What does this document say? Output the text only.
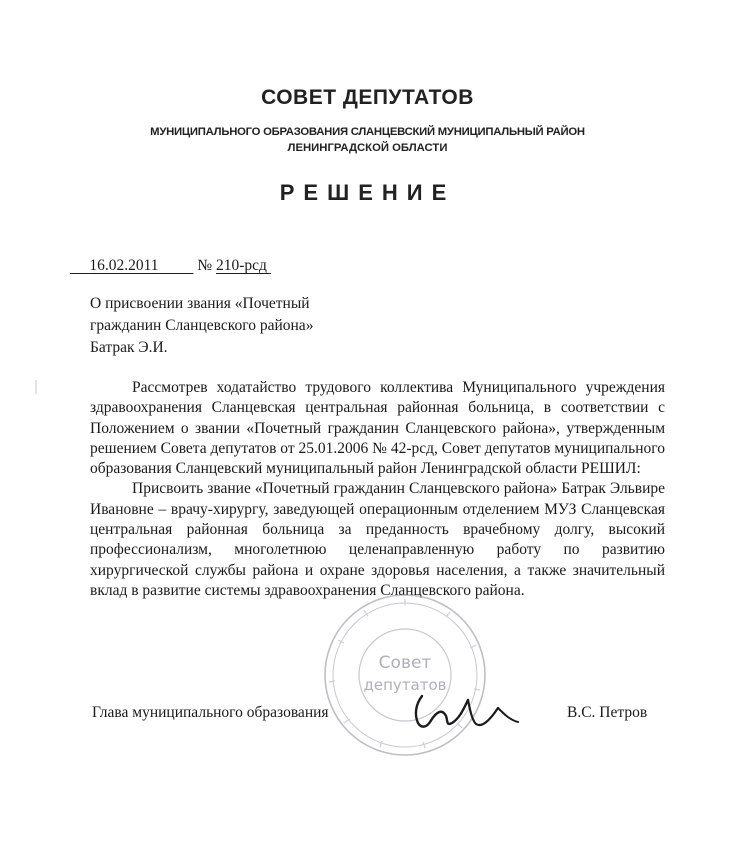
СОВЕТ ДЕПУТАТОВ
МУНИЦИПАЛЬНОГО ОБРАЗОВАНИЯ СЛАНЦЕВСКИЙ МУНИЦИПАЛЬНЫЙ РАЙОН
ЛЕНИНГРАДСКОЙ ОБЛАСТИ
РЕШЕНИЕ
16.02.2011	№ 210-рсд
О присвоении звания «Почетный
гражданин Сланцевского района»
Батрак Э.И.

Рассмотрев ходатайство трудового коллектива Муниципального учреждения здравоохранения Сланцевская центральная районная больница, в соответствии с Положением о звании «Почетный гражданин Сланцевского района», утвержденным решением Совета депутатов от 25.01.2006 № 42-рсд, Совет депутатов муниципального образования Сланцевский муниципальный район Ленинградской области РЕШИЛ:

Присвоить звание «Почетный гражданин Сланцевского района» Батрак Эльвире Ивановне – врачу-хирургу, заведующей операционным отделением МУЗ Сланцевская центральная районная больница за преданность врачебному долгу, высокий профессионализм, многолетнюю целенаправленную работу по развитию хирургической службы района и охране здоровья населения, а также значительный вклад в развитие системы здравоохранения Сланцевского района.

Совет
депутатов
Глава муниципального образования	В.С. Петров
